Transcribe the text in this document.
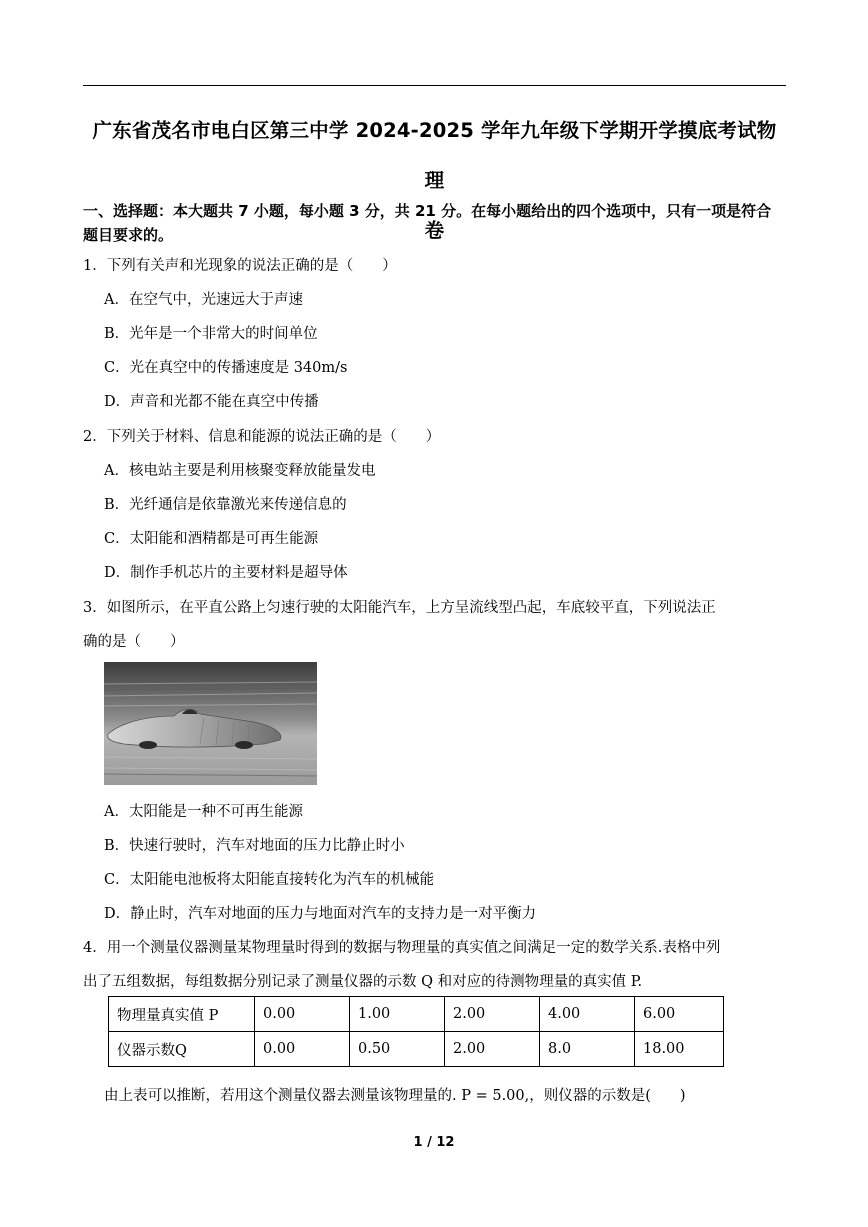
广东省茂名市电白区第三中学 2024-2025 学年九年级下学期开学摸底考试物理
卷
一、选择题：本大题共 7 小题，每小题 3 分，共 21 分。在每小题给出的四个选项中，只有一项是符合题目要求的。
1．下列有关声和光现象的说法正确的是（　　）
A．在空气中，光速远大于声速
B．光年是一个非常大的时间单位
C．光在真空中的传播速度是 340m/s
D．声音和光都不能在真空中传播
2．下列关于材料、信息和能源的说法正确的是（　　）
A．核电站主要是利用核聚变释放能量发电
B．光纤通信是依靠激光来传递信息的
C．太阳能和酒精都是可再生能源
D．制作手机芯片的主要材料是超导体
3．如图所示，在平直公路上匀速行驶的太阳能汽车，上方呈流线型凸起，车底较平直，下列说法正
确的是（　　）
A．太阳能是一种不可再生能源
B．快速行驶时，汽车对地面的压力比静止时小
C．太阳能电池板将太阳能直接转化为汽车的机械能
D．静止时，汽车对地面的压力与地面对汽车的支持力是一对平衡力
4．用一个测量仪器测量某物理量时得到的数据与物理量的真实值之间满足一定的数学关系.表格中列
出了五组数据，每组数据分别记录了测量仪器的示数 Q 和对应的待测物理量的真实值 P.
物理量真实值 P	0.00	1.00	2.00	4.00	6.00
仪器示数Q	0.00	0.50	2.00	8.0	18.00
由上表可以推断，若用这个测量仪器去测量该物理量的. P = 5.00,，则仪器的示数是(　　)
1 / 12
